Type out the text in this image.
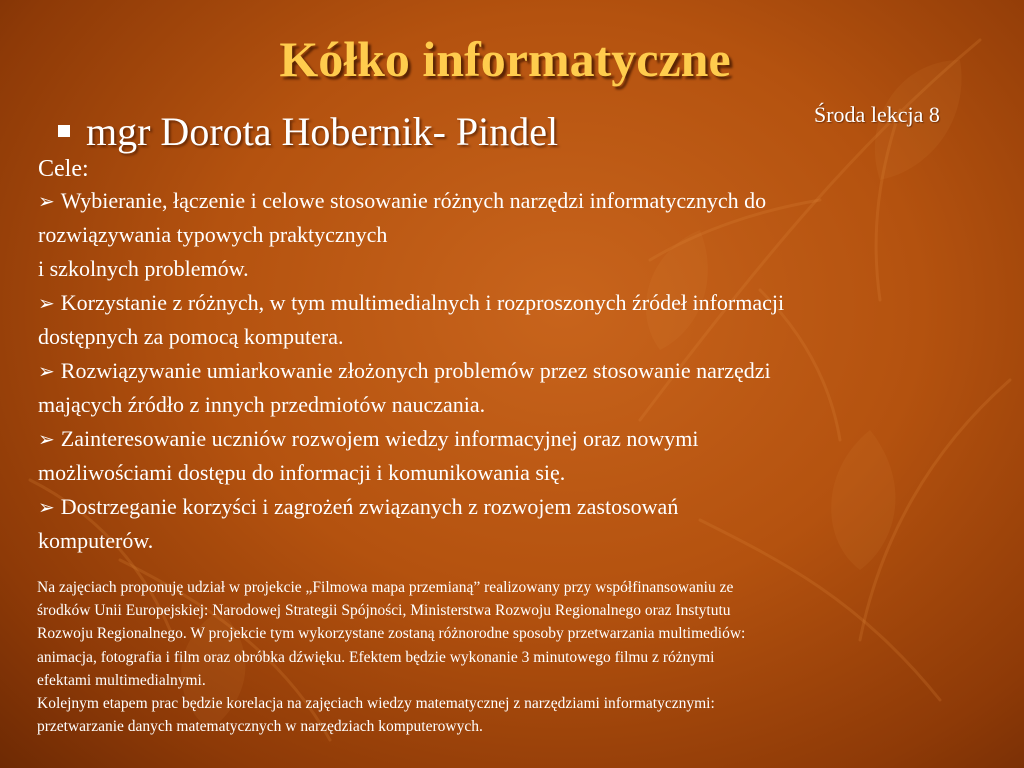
Kółko informatyczne
mgr Dorota Hobernik- Pindel	Środa lekcja 8

Cele:

➢ Wybieranie, łączenie i celowe stosowanie różnych narzędzi informatycznych do
rozwiązywania typowych praktycznych
i szkolnych problemów.

➢ Korzystanie z różnych, w tym multimedialnych i rozproszonych źródeł informacji
dostępnych za pomocą komputera.

➢ Rozwiązywanie umiarkowanie złożonych problemów przez stosowanie narzędzi
mających źródło z innych przedmiotów nauczania.

➢ Zainteresowanie uczniów rozwojem wiedzy informacyjnej oraz nowymi
możliwościami dostępu do informacji i komunikowania się.

➢ Dostrzeganie korzyści i zagrożeń związanych z rozwojem zastosowań
komputerów.

Na zajęciach proponuję udział w projekcie „Filmowa mapa przemianą” realizowany przy współfinansowaniu ze
środków Unii Europejskiej: Narodowej Strategii Spójności, Ministerstwa Rozwoju Regionalnego oraz Instytutu
Rozwoju Regionalnego. W projekcie tym wykorzystane zostaną różnorodne sposoby przetwarzania multimediów:
animacja, fotografia i film oraz obróbka dźwięku. Efektem będzie wykonanie 3 minutowego filmu z różnymi
efektami multimedialnymi.

Kolejnym etapem prac będzie korelacja na zajęciach wiedzy matematycznej z narzędziami informatycznymi:
przetwarzanie danych matematycznych w narzędziach komputerowych.
